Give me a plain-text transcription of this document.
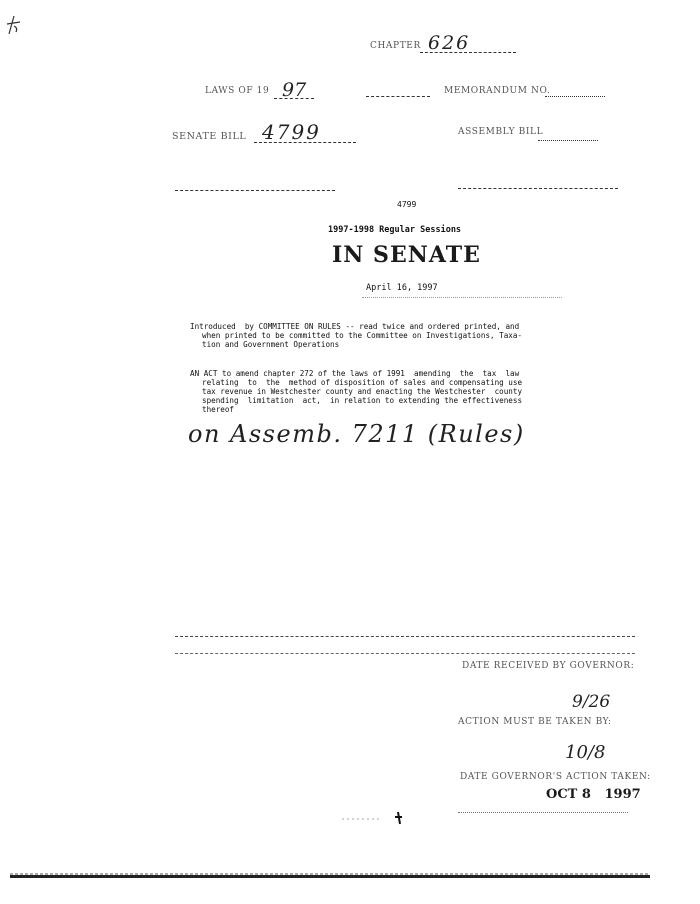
CHAPTER 626
LAWS OF 19 97	MEMORANDUM NO.
SENATE BILL 4799	ASSEMBLY BILL
4799
1997-1998 Regular Sessions
IN SENATE
April 16, 1997
Introduced  by COMMITTEE ON RULES -- read twice and ordered printed, and
when printed to be committed to the Committee on Investigations, Taxa-
tion and Government Operations
AN ACT to amend chapter 272 of the laws of 1991  amending  the  tax  law
relating  to  the  method of disposition of sales and compensating use
tax revenue in Westchester county and enacting the Westchester  county
spending  limitation  act,  in relation to extending the effectiveness
thereof
on Assemb. 7211 (Rules)
DATE RECEIVED BY GOVERNOR:
9/26
ACTION MUST BE TAKEN BY:
10/8
DATE GOVERNOR'S ACTION TAKEN:
OCT 8   1997
